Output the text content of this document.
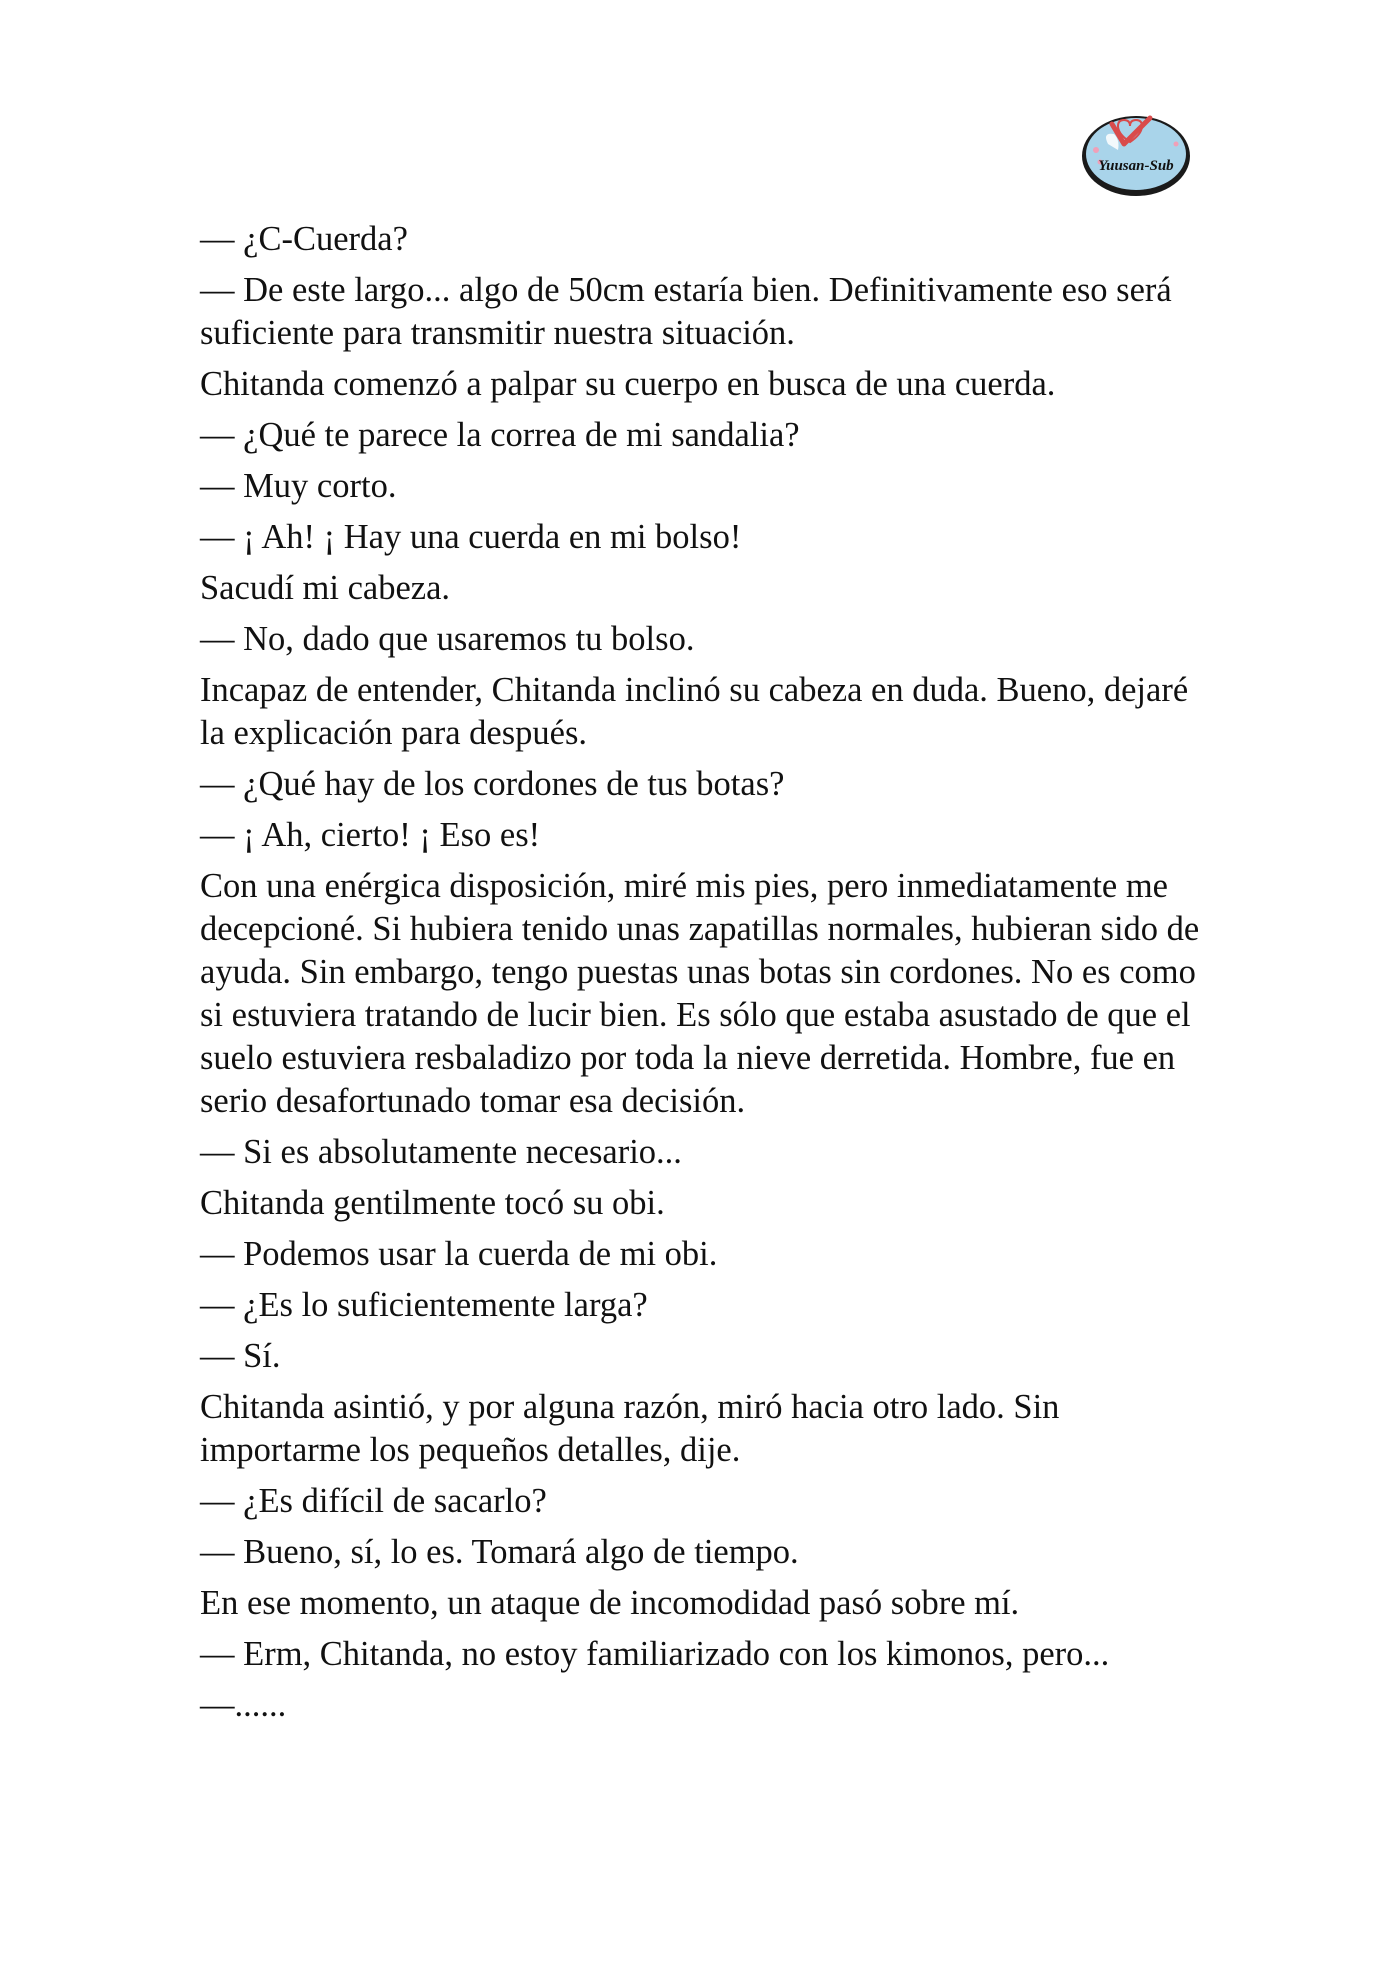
Yuusan-Sub

— ¿C-Cuerda?

— De este largo... algo de 50cm estaría bien. Definitivamente eso será suficiente para transmitir nuestra situación.

Chitanda comenzó a palpar su cuerpo en busca de una cuerda.

— ¿Qué te parece la correa de mi sandalia?

— Muy corto.

— ¡ Ah! ¡ Hay una cuerda en mi bolso!

Sacudí mi cabeza.

— No, dado que usaremos tu bolso.

Incapaz de entender, Chitanda inclinó su cabeza en duda. Bueno, dejaré la explicación para después.

— ¿Qué hay de los cordones de tus botas?

— ¡ Ah, cierto! ¡ Eso es!

Con una enérgica disposición, miré mis pies, pero inmediatamente me decepcioné. Si hubiera tenido unas zapatillas normales, hubieran sido de ayuda. Sin embargo, tengo puestas unas botas sin cordones. No es como si estuviera tratando de lucir bien. Es sólo que estaba asustado de que el suelo estuviera resbaladizo por toda la nieve derretida. Hombre, fue en serio desafortunado tomar esa decisión.

— Si es absolutamente necesario...

Chitanda gentilmente tocó su obi.

— Podemos usar la cuerda de mi obi.

— ¿Es lo suficientemente larga?

— Sí.

Chitanda asintió, y por alguna razón, miró hacia otro lado. Sin importarme los pequeños detalles, dije.

— ¿Es difícil de sacarlo?

— Bueno, sí, lo es. Tomará algo de tiempo.

En ese momento, un ataque de incomodidad pasó sobre mí.

— Erm, Chitanda, no estoy familiarizado con los kimonos, pero...

—......
